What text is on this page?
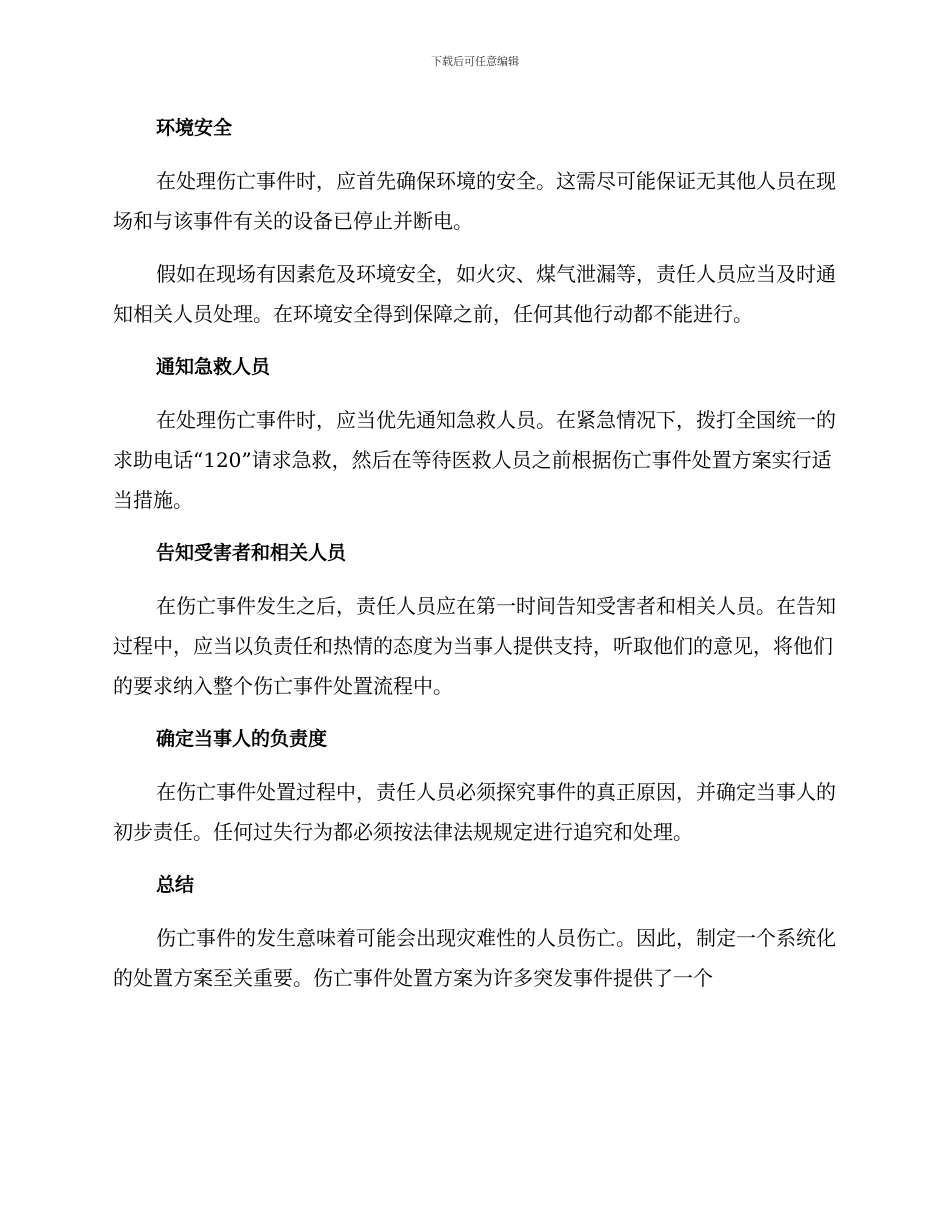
下载后可任意编辑
环境安全

在处理伤亡事件时，应首先确保环境的安全。这需尽可能保证无其他人员在现场和与该事件有关的设备已停止并断电。

假如在现场有因素危及环境安全，如火灾、煤气泄漏等，责任人员应当及时通知相关人员处理。在环境安全得到保障之前，任何其他行动都不能进行。

通知急救人员

在处理伤亡事件时，应当优先通知急救人员。在紧急情况下，拨打全国统一的求助电话“120”请求急救，然后在等待医救人员之前根据伤亡事件处置方案实行适当措施。

告知受害者和相关人员

在伤亡事件发生之后，责任人员应在第一时间告知受害者和相关人员。在告知过程中，应当以负责任和热情的态度为当事人提供支持，听取他们的意见，将他们的要求纳入整个伤亡事件处置流程中。

确定当事人的负责度

在伤亡事件处置过程中，责任人员必须探究事件的真正原因，并确定当事人的初步责任。任何过失行为都必须按法律法规规定进行追究和处理。

总结

伤亡事件的发生意味着可能会出现灾难性的人员伤亡。因此，制定一个系统化的处置方案至关重要。伤亡事件处置方案为许多突发事件提供了一个
